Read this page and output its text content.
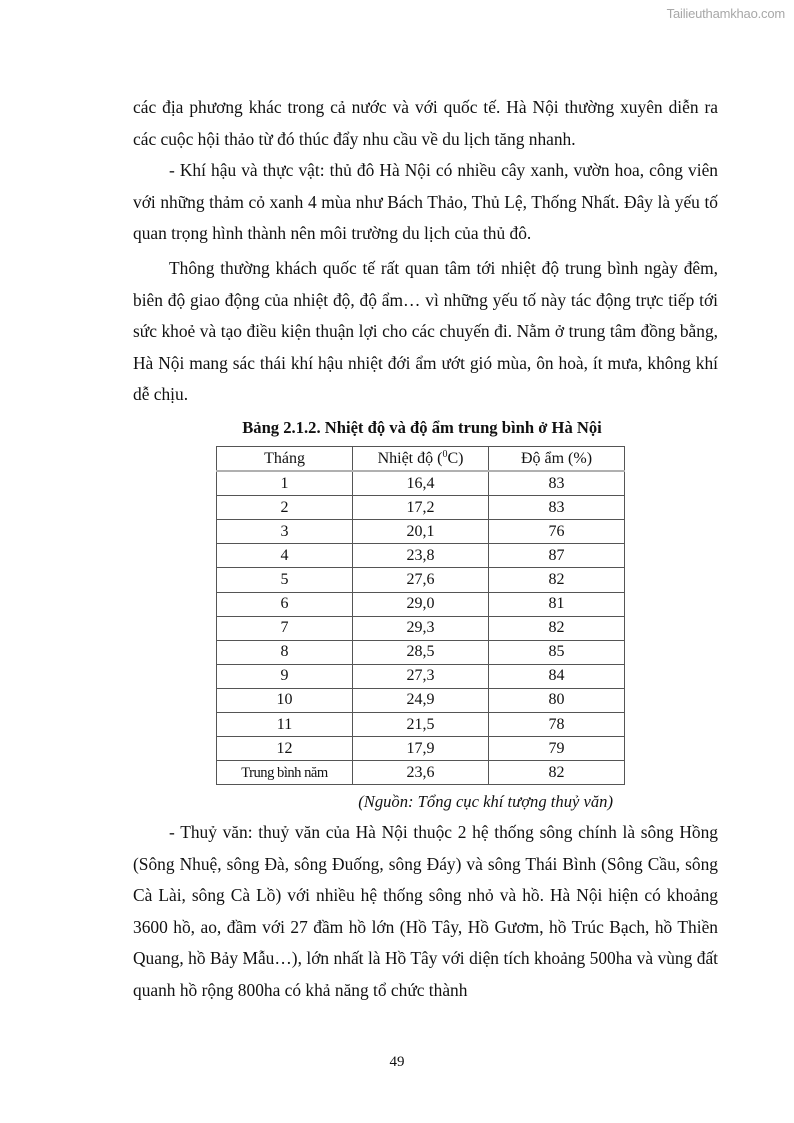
Tailieuthamkhao.com

các địa phương khác trong cả nước và với quốc tế. Hà Nội thường xuyên diễn ra các cuộc hội thảo từ đó thúc đẩy nhu cầu về du lịch tăng nhanh.

- Khí hậu và thực vật: thủ đô Hà Nội có nhiều cây xanh, vườn hoa, công viên với những thảm cỏ xanh 4 mùa như Bách Thảo, Thủ Lệ, Thống Nhất. Đây là yếu tố quan trọng hình thành nên môi trường du lịch của thủ đô.

Thông thường khách quốc tế rất quan tâm tới nhiệt độ trung bình ngày đêm, biên độ giao động của nhiệt độ, độ ẩm… vì những yếu tố này tác động trực tiếp tới sức khoẻ và tạo điều kiện thuận lợi cho các chuyến đi. Nằm ở trung tâm đồng bằng, Hà Nội mang sác thái khí hậu nhiệt đới ẩm ướt gió mùa, ôn hoà, ít mưa, không khí dễ chịu.

Bảng 2.1.2. Nhiệt độ và độ ẩm trung bình ở Hà Nội

Tháng	Nhiệt độ ($^0$C)	Độ ẩm (%)
1	16,4	83
2	17,2	83
3	20,1	76
4	23,8	87
5	27,6	82
6	29,0	81
7	29,3	82
8	28,5	85
9	27,3	84
10	24,9	80
11	21,5	78
12	17,9	79
Trung bình năm	23,6	82

(Nguồn: Tổng cục khí tượng thuỷ văn)

- Thuỷ văn: thuỷ văn của Hà Nội thuộc 2 hệ thống sông chính là sông Hồng (Sông Nhuệ, sông Đà, sông Đuống, sông Đáy) và sông Thái Bình (Sông Cầu, sông Cà Lài, sông Cà Lồ) với nhiều hệ thống sông nhỏ và hồ. Hà Nội hiện có khoảng 3600 hồ, ao, đầm với 27 đầm hồ lớn (Hồ Tây, Hồ Gươm, hồ Trúc Bạch, hồ Thiền Quang, hồ Bảy Mẫu…), lớn nhất là Hồ Tây với diện tích khoảng 500ha và vùng đất quanh hồ rộng 800ha có khả năng tổ chức thành

49
